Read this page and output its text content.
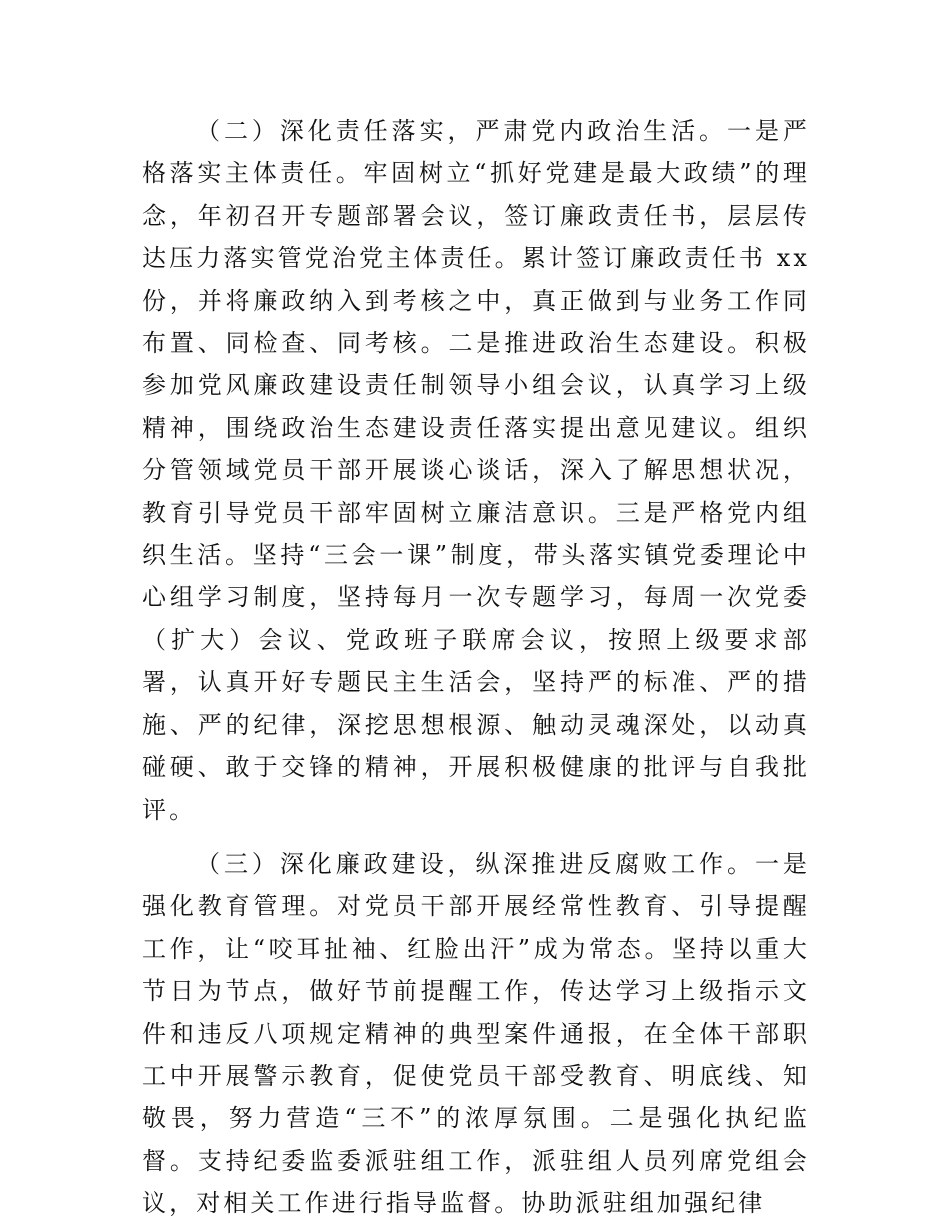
（二）深化责任落实，严肃党内政治生活。一是严格落实主体责任。牢固树立“抓好党建是最大政绩”的理念，年初召开专题部署会议，签订廉政责任书，层层传达压力落实管党治党主体责任。累计签订廉政责任书 xx 份，并将廉政纳入到考核之中，真正做到与业务工作同布置、同检查、同考核。二是推进政治生态建设。积极参加党风廉政建设责任制领导小组会议，认真学习上级精神，围绕政治生态建设责任落实提出意见建议。组织分管领域党员干部开展谈心谈话，深入了解思想状况，教育引导党员干部牢固树立廉洁意识。三是严格党内组织生活。坚持“三会一课”制度，带头落实镇党委理论中心组学习制度，坚持每月一次专题学习，每周一次党委（扩大）会议、党政班子联席会议，按照上级要求部署，认真开好专题民主生活会，坚持严的标准、严的措施、严的纪律，深挖思想根源、触动灵魂深处，以动真碰硬、敢于交锋的精神，开展积极健康的批评与自我批评。

（三）深化廉政建设，纵深推进反腐败工作。一是强化教育管理。对党员干部开展经常性教育、引导提醒工作，让“咬耳扯袖、红脸出汗”成为常态。坚持以重大节日为节点，做好节前提醒工作，传达学习上级指示文件和违反八项规定精神的典型案件通报，在全体干部职工中开展警示教育，促使党员干部受教育、明底线、知敬畏，努力营造“三不”的浓厚氛围。二是强化执纪监督。支持纪委监委派驻组工作，派驻组人员列席党组会议，对相关工作进行指导监督。协助派驻组加强纪律
